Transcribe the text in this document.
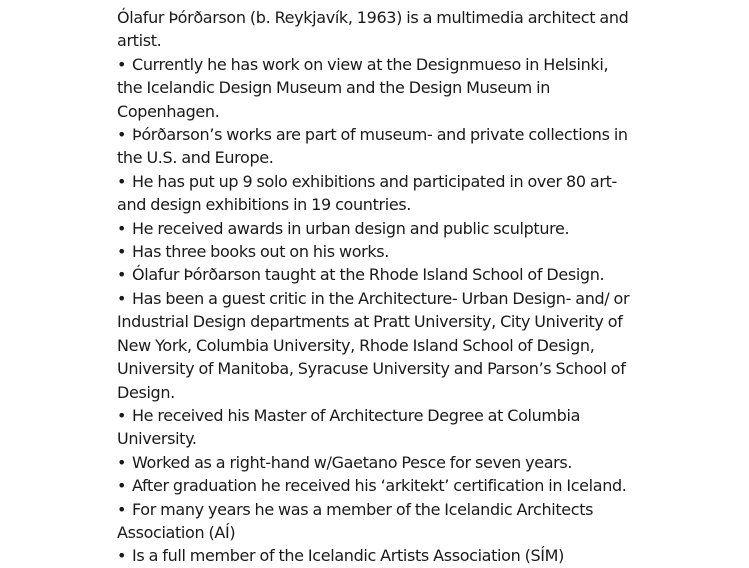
Ólafur Þórðarson (b. Reykjavík, 1963) is a multimedia architect and artist.

• Currently he has work on view at the Designmueso in Helsinki, the Icelandic Design Museum and the Design Museum in Copenhagen.

• Þórðarson’s works are part of museum- and private collections in the U.S. and Europe.

• He has put up 9 solo exhibitions and participated in over 80 art- and design exhibitions in 19 countries.

• He received awards in urban design and public sculpture.

• Has three books out on his works.

• Ólafur Þórðarson taught at the Rhode Island School of Design.

• Has been a guest critic in the Architecture- Urban Design- and/ or Industrial Design departments at Pratt University, City Univerity of New York, Columbia University, Rhode Island School of Design, University of Manitoba, Syracuse University and Parson’s School of Design.

• He received his Master of Architecture Degree at Columbia University.

• Worked as a right-hand w/Gaetano Pesce for seven years.

• After graduation he received his ‘arkitekt’ certification in Iceland.

• For many years he was a member of the Icelandic Architects Association (AÍ)

• Is a full member of the Icelandic Artists Association (SÍM)
